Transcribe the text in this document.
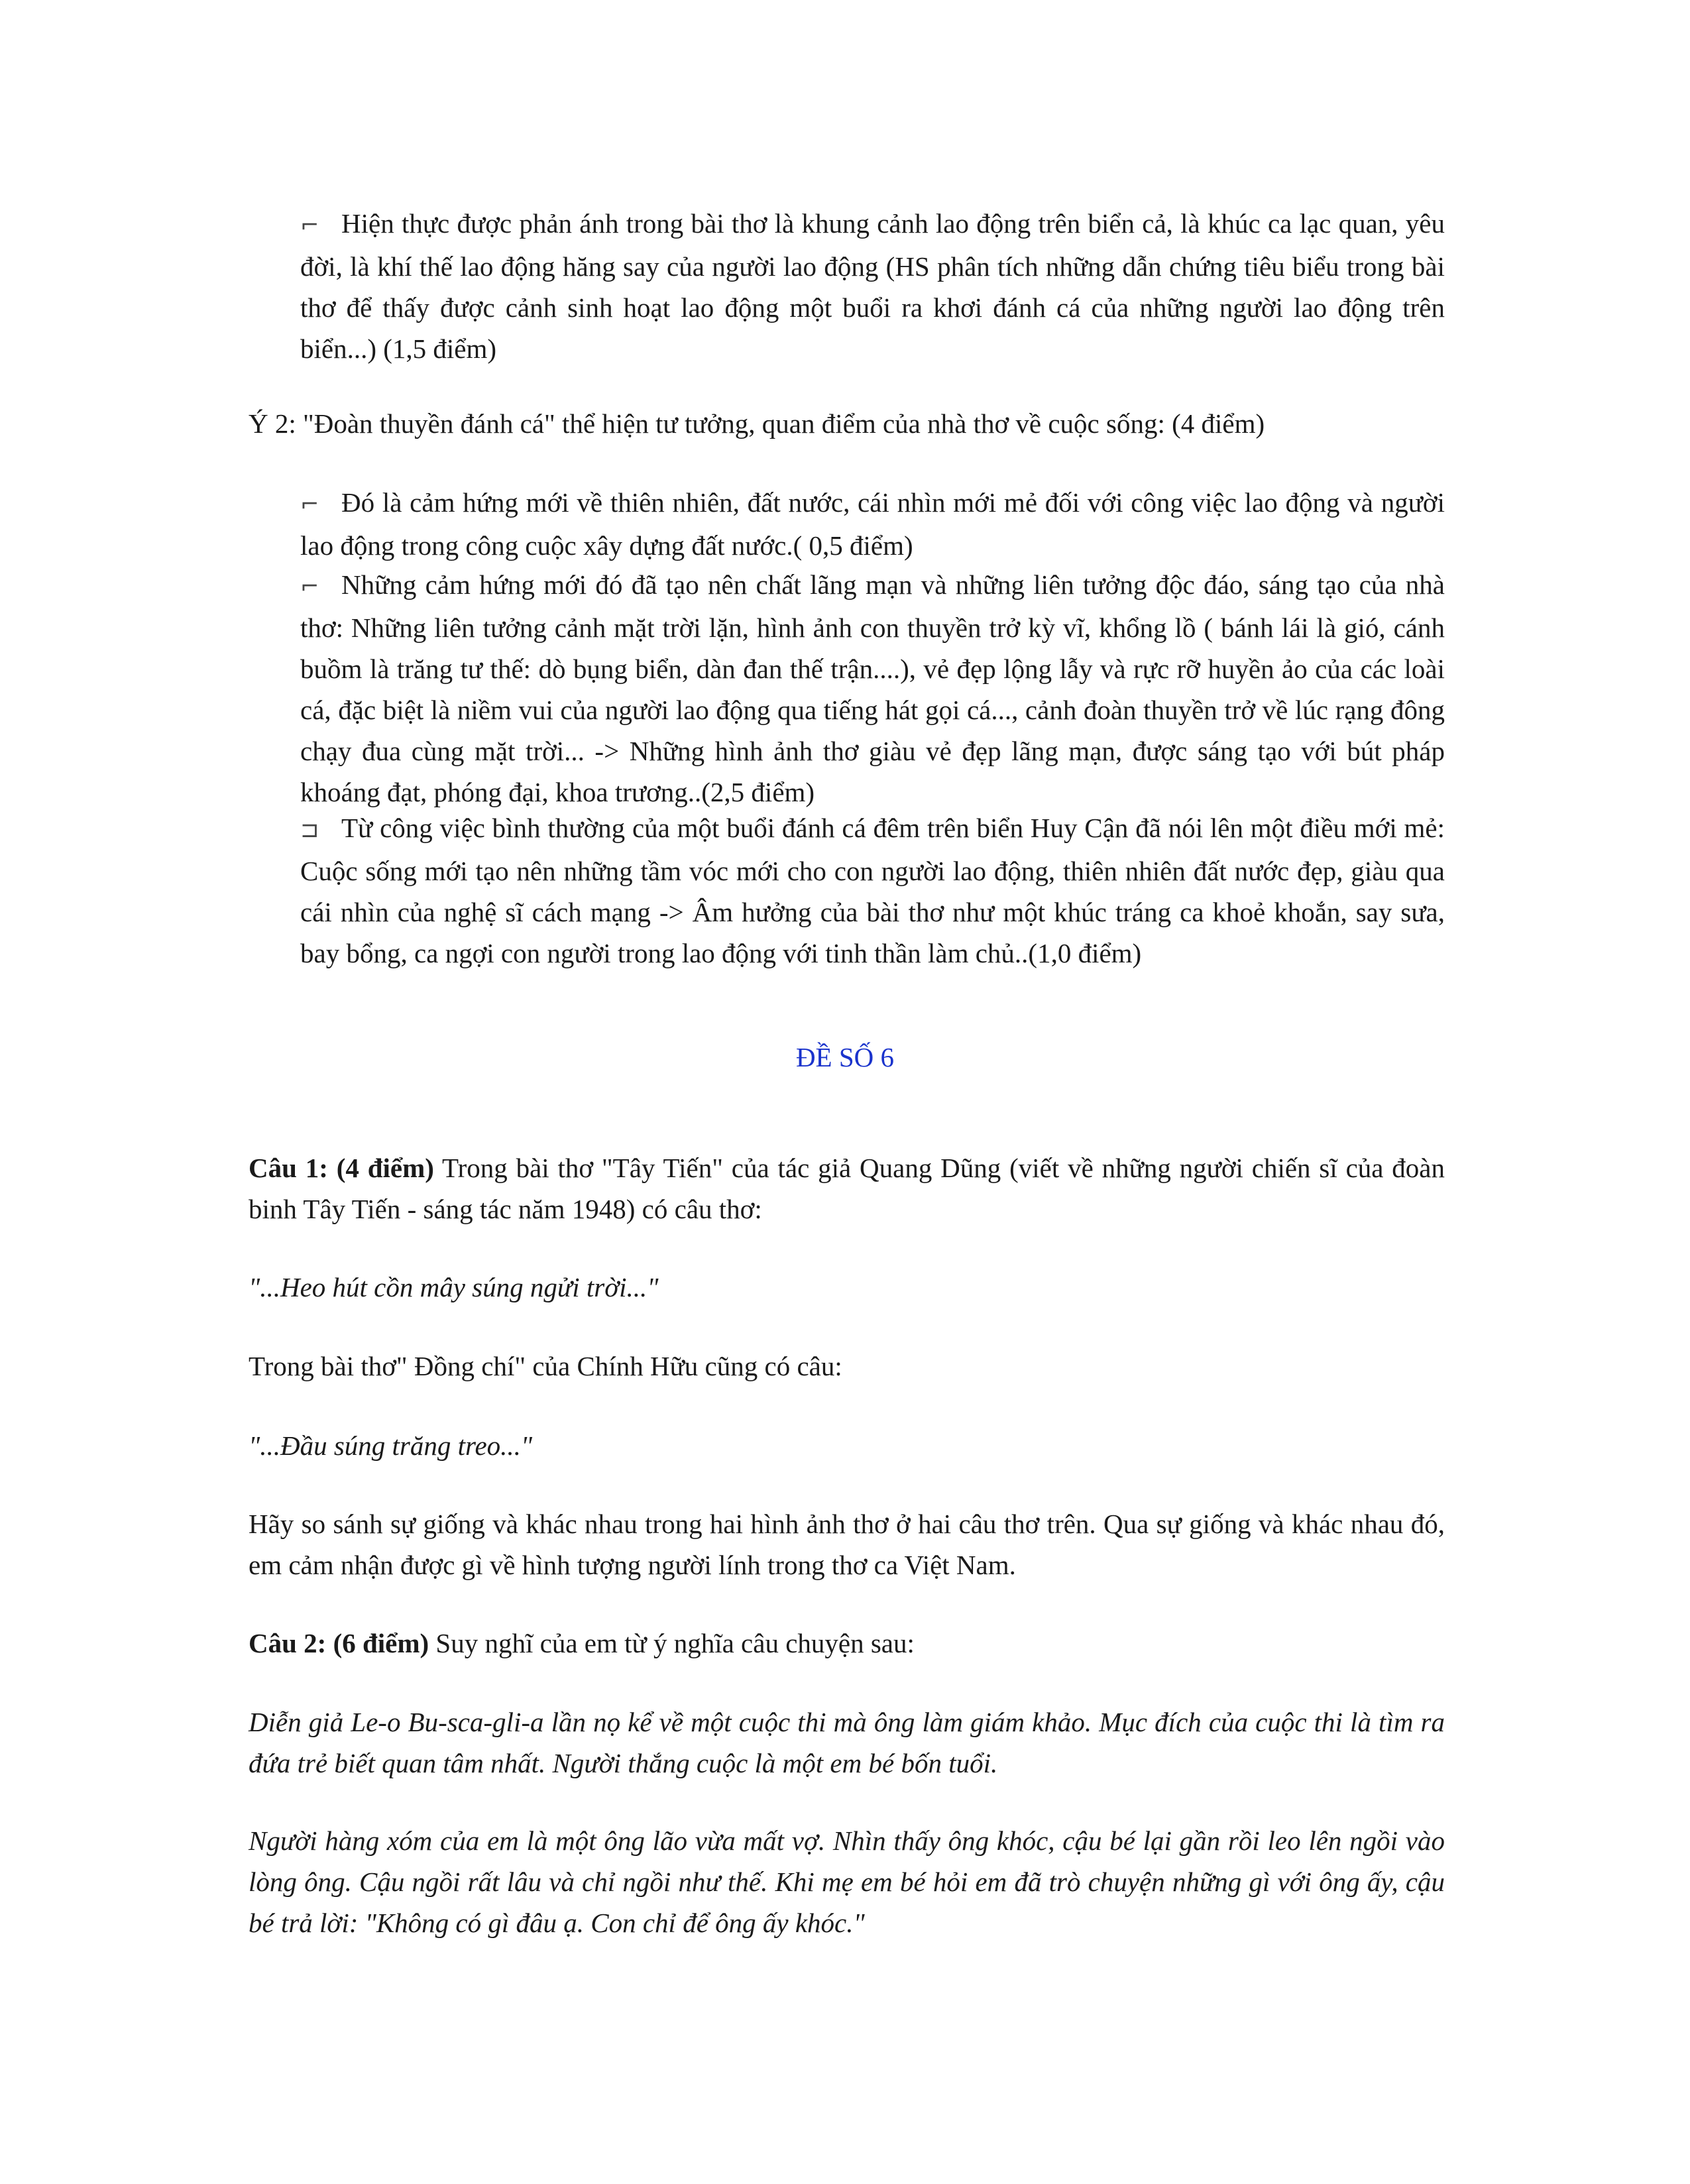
⌐ Hiện thực được phản ánh trong bài thơ là khung cảnh lao động trên biển cả, là khúc ca lạc quan, yêu đời, là khí thế lao động hăng say của người lao động (HS phân tích những dẫn chứng tiêu biểu trong bài thơ để thấy được cảnh sinh hoạt lao động một buổi ra khơi đánh cá của những người lao động trên biển...) (1,5 điểm)
Ý 2: "Đoàn thuyền đánh cá" thể hiện tư tưởng, quan điểm của nhà thơ về cuộc sống: (4 điểm)
⌐ Đó là cảm hứng mới về thiên nhiên, đất nước, cái nhìn mới mẻ đối với công việc lao động và người lao động trong công cuộc xây dựng đất nước.( 0,5 điểm)
⌐ Những cảm hứng mới đó đã tạo nên chất lãng mạn và những liên tưởng độc đáo, sáng tạo của nhà thơ: Những liên tưởng cảnh mặt trời lặn, hình ảnh con thuyền trở kỳ vĩ, khổng lồ ( bánh lái là gió, cánh buồm là trăng tư thế: dò bụng biển, dàn đan thế trận....), vẻ đẹp lộng lẫy và rực rỡ huyền ảo của các loài cá, đặc biệt là niềm vui của người lao động qua tiếng hát gọi cá..., cảnh đoàn thuyền trở về lúc rạng đông chạy đua cùng mặt trời... -> Những hình ảnh thơ giàu vẻ đẹp lãng mạn, được sáng tạo với bút pháp khoáng đạt, phóng đại, khoa trương..(2,5 điểm)
⊐ Từ công việc bình thường của một buổi đánh cá đêm trên biển Huy Cận đã nói lên một điều mới mẻ: Cuộc sống mới tạo nên những tầm vóc mới cho con người lao động, thiên nhiên đất nước đẹp, giàu qua cái nhìn của nghệ sĩ cách mạng -> Âm hưởng của bài thơ như một khúc tráng ca khoẻ khoắn, say sưa, bay bổng, ca ngợi con người trong lao động với tinh thần làm chủ..(1,0 điểm)
ĐỀ SỐ 6
Câu 1: (4 điểm) Trong bài thơ "Tây Tiến" của tác giả Quang Dũng (viết về những người chiến sĩ của đoàn binh Tây Tiến - sáng tác năm 1948) có câu thơ:
"...Heo hút cồn mây súng ngửi trời..."
Trong bài thơ" Đồng chí" của Chính Hữu cũng có câu:
"...Đầu súng trăng treo..."
Hãy so sánh sự giống và khác nhau trong hai hình ảnh thơ ở hai câu thơ trên. Qua sự giống và khác nhau đó, em cảm nhận được gì về hình tượng người lính trong thơ ca Việt Nam.
Câu 2: (6 điểm) Suy nghĩ của em từ ý nghĩa câu chuyện sau:
Diễn giả Le-o Bu-sca-gli-a lần nọ kể về một cuộc thi mà ông làm giám khảo. Mục đích của cuộc thi là tìm ra đứa trẻ biết quan tâm nhất. Người thắng cuộc là một em bé bốn tuổi.
Người hàng xóm của em là một ông lão vừa mất vợ. Nhìn thấy ông khóc, cậu bé lại gần rồi leo lên ngồi vào lòng ông. Cậu ngồi rất lâu và chỉ ngồi như thế. Khi mẹ em bé hỏi em đã trò chuyện những gì với ông ấy, cậu bé trả lời: "Không có gì đâu ạ. Con chỉ để ông ấy khóc."
